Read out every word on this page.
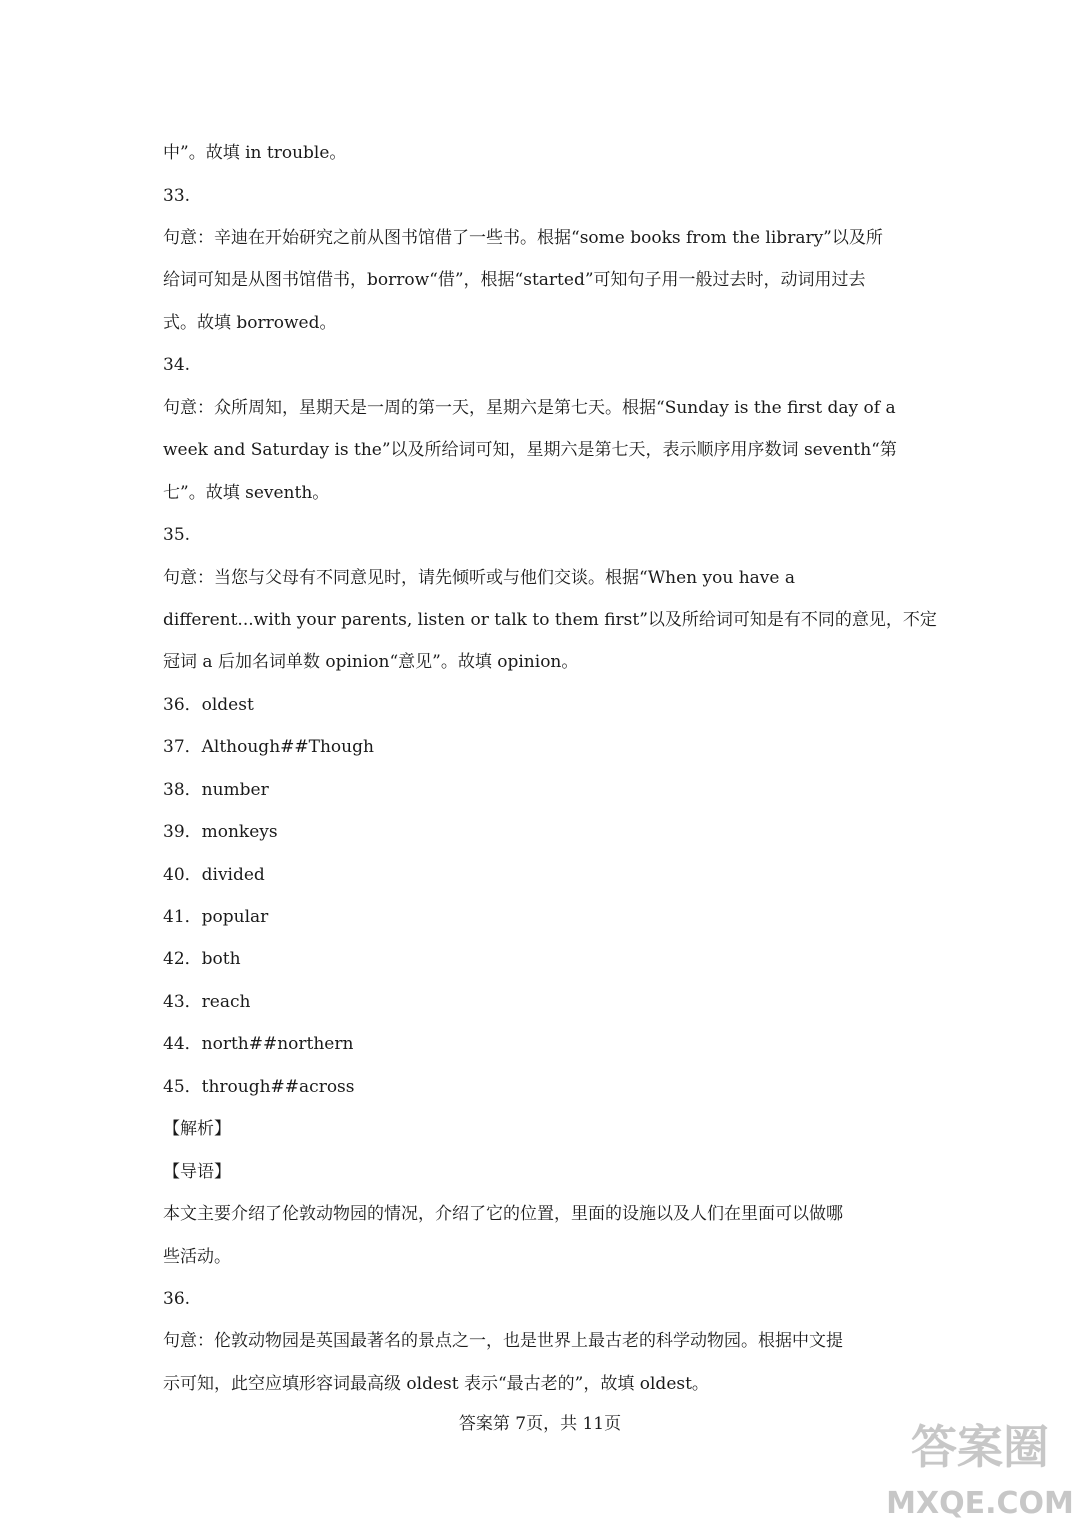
中”。故填 in trouble。
33.
句意：辛迪在开始研究之前从图书馆借了一些书。根据“some books from the library”以及所
给词可知是从图书馆借书，borrow“借”，根据“started”可知句子用一般过去时，动词用过去
式。故填 borrowed。
34.
句意：众所周知，星期天是一周的第一天，星期六是第七天。根据“Sunday is the first day of a
week and Saturday is the”以及所给词可知，星期六是第七天，表示顺序用序数词 seventh“第
七”。故填 seventh。
35.
句意：当您与父母有不同意见时，请先倾听或与他们交谈。根据“When you have a
different...with your parents, listen or talk to them first”以及所给词可知是有不同的意见，不定
冠词 a 后加名词单数 opinion“意见”。故填 opinion。
36．oldest
37．Although##Though
38．number
39．monkeys
40．divided
41．popular
42．both
43．reach
44．north##northern
45．through##across
【解析】
【导语】
本文主要介绍了伦敦动物园的情况，介绍了它的位置，里面的设施以及人们在里面可以做哪
些活动。
36.
句意：伦敦动物园是英国最著名的景点之一，也是世界上最古老的科学动物园。根据中文提
示可知，此空应填形容词最高级 oldest 表示“最古老的”，故填 oldest。
答案第 7页，共 11页	答案圈
MXQE.COM
